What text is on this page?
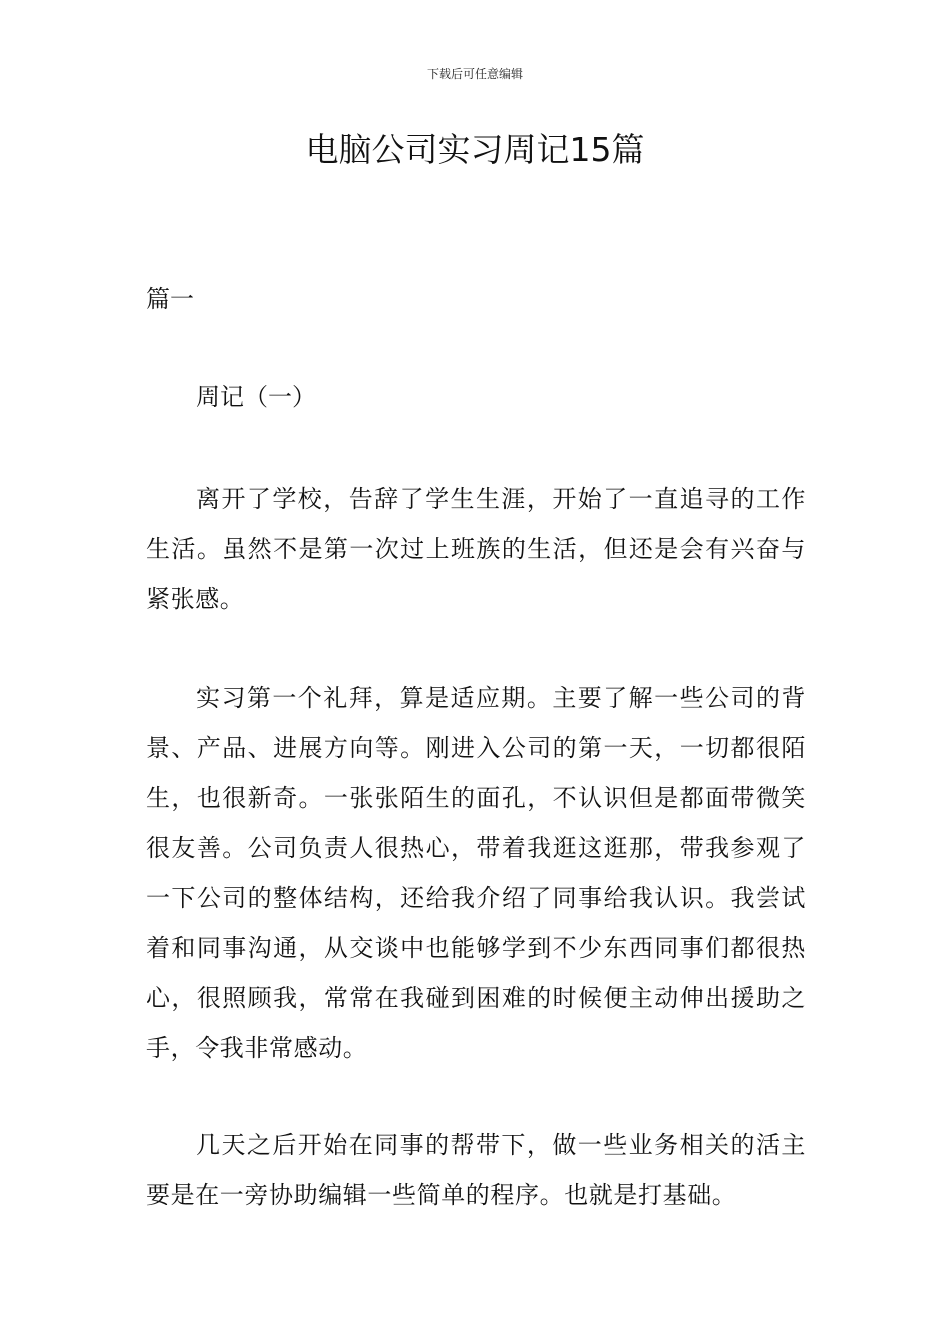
下载后可任意编辑
电脑公司实习周记15篇

篇一

周记（一）

离开了学校，告辞了学生生涯，开始了一直追寻的工作生活。虽然不是第一次过上班族的生活，但还是会有兴奋与紧张感。

实习第一个礼拜，算是适应期。主要了解一些公司的背景、产品、进展方向等。刚进入公司的第一天，一切都很陌生，也很新奇。一张张陌生的面孔，不认识但是都面带微笑很友善。公司负责人很热心，带着我逛这逛那，带我参观了一下公司的整体结构，还给我介绍了同事给我认识。我尝试着和同事沟通，从交谈中也能够学到不少东西同事们都很热心，很照顾我，常常在我碰到困难的时候便主动伸出援助之手，令我非常感动。

几天之后开始在同事的帮带下，做一些业务相关的活主要是在一旁协助编辑一些简单的程序。也就是打基础。
